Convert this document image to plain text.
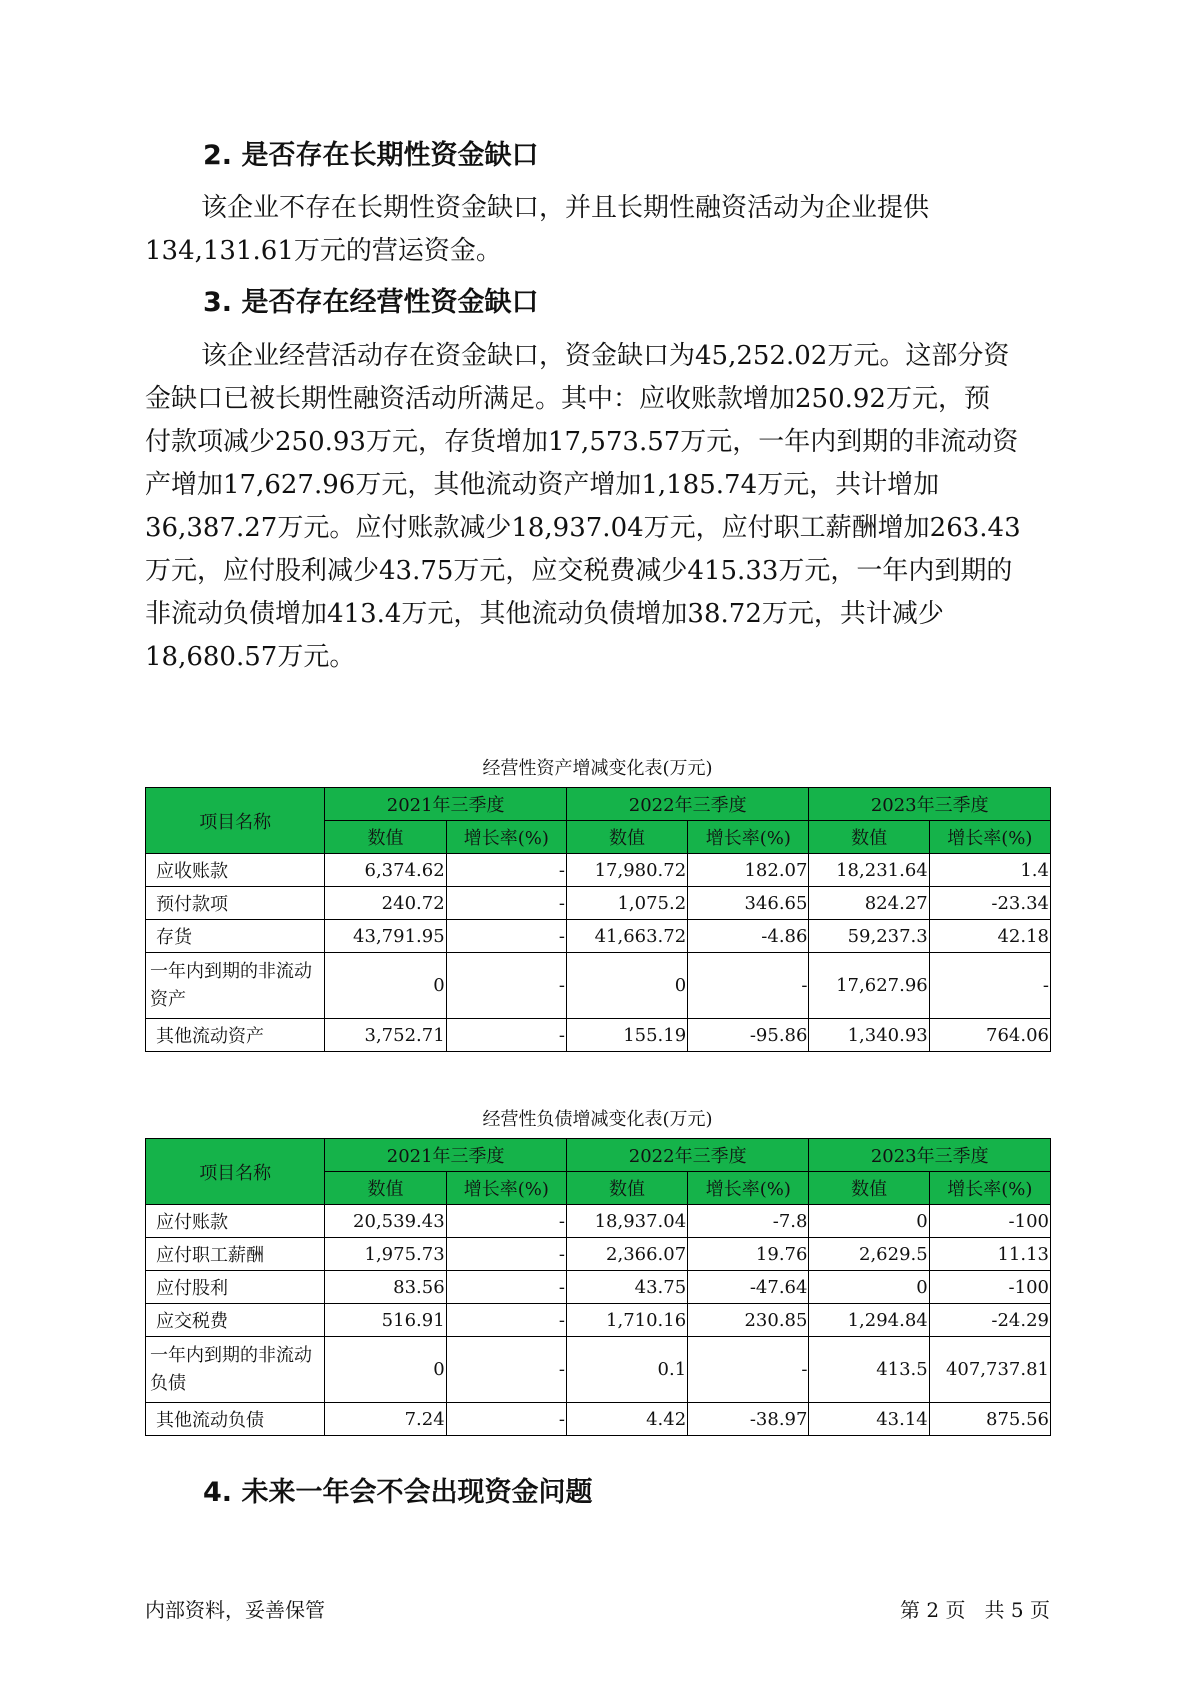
2. 是否存在长期性资金缺口
该企业不存在长期性资金缺口，并且长期性融资活动为企业提供
134,131.61万元的营运资金。
3. 是否存在经营性资金缺口
该企业经营活动存在资金缺口，资金缺口为45,252.02万元。这部分资
金缺口已被长期性融资活动所满足。其中：应收账款增加250.92万元，预
付款项减少250.93万元，存货增加17,573.57万元，一年内到期的非流动资
产增加17,627.96万元，其他流动资产增加1,185.74万元，共计增加
36,387.27万元。应付账款减少18,937.04万元，应付职工薪酬增加263.43
万元，应付股利减少43.75万元，应交税费减少415.33万元，一年内到期的
非流动负债增加413.4万元，其他流动负债增加38.72万元，共计减少
18,680.57万元。
经营性资产增减变化表(万元)
项目名称	2021年三季度		2022年三季度		2023年三季度	
	数值	增长率(%)	数值	增长率(%)	数值	增长率(%)
应收账款	6,374.62	-	17,980.72	182.07	18,231.64	1.4
预付款项	240.72	-	1,075.2	346.65	824.27	-23.34
存货	43,791.95	-	41,663.72	-4.86	59,237.3	42.18
一年内到期的非流动资产	0	-	0	-	17,627.96	-
其他流动资产	3,752.71	-	155.19	-95.86	1,340.93	764.06
经营性负债增减变化表(万元)
项目名称	2021年三季度		2022年三季度		2023年三季度	
	数值	增长率(%)	数值	增长率(%)	数值	增长率(%)
应付账款	20,539.43	-	18,937.04	-7.8	0	-100
应付职工薪酬	1,975.73	-	2,366.07	19.76	2,629.5	11.13
应付股利	83.56	-	43.75	-47.64	0	-100
应交税费	516.91	-	1,710.16	230.85	1,294.84	-24.29
一年内到期的非流动负债	0	-	0.1	-	413.5	407,737.81
其他流动负债	7.24	-	4.42	-38.97	43.14	875.56
4. 未来一年会不会出现资金问题
内部资料，妥善保管	第 2 页   共 5 页
